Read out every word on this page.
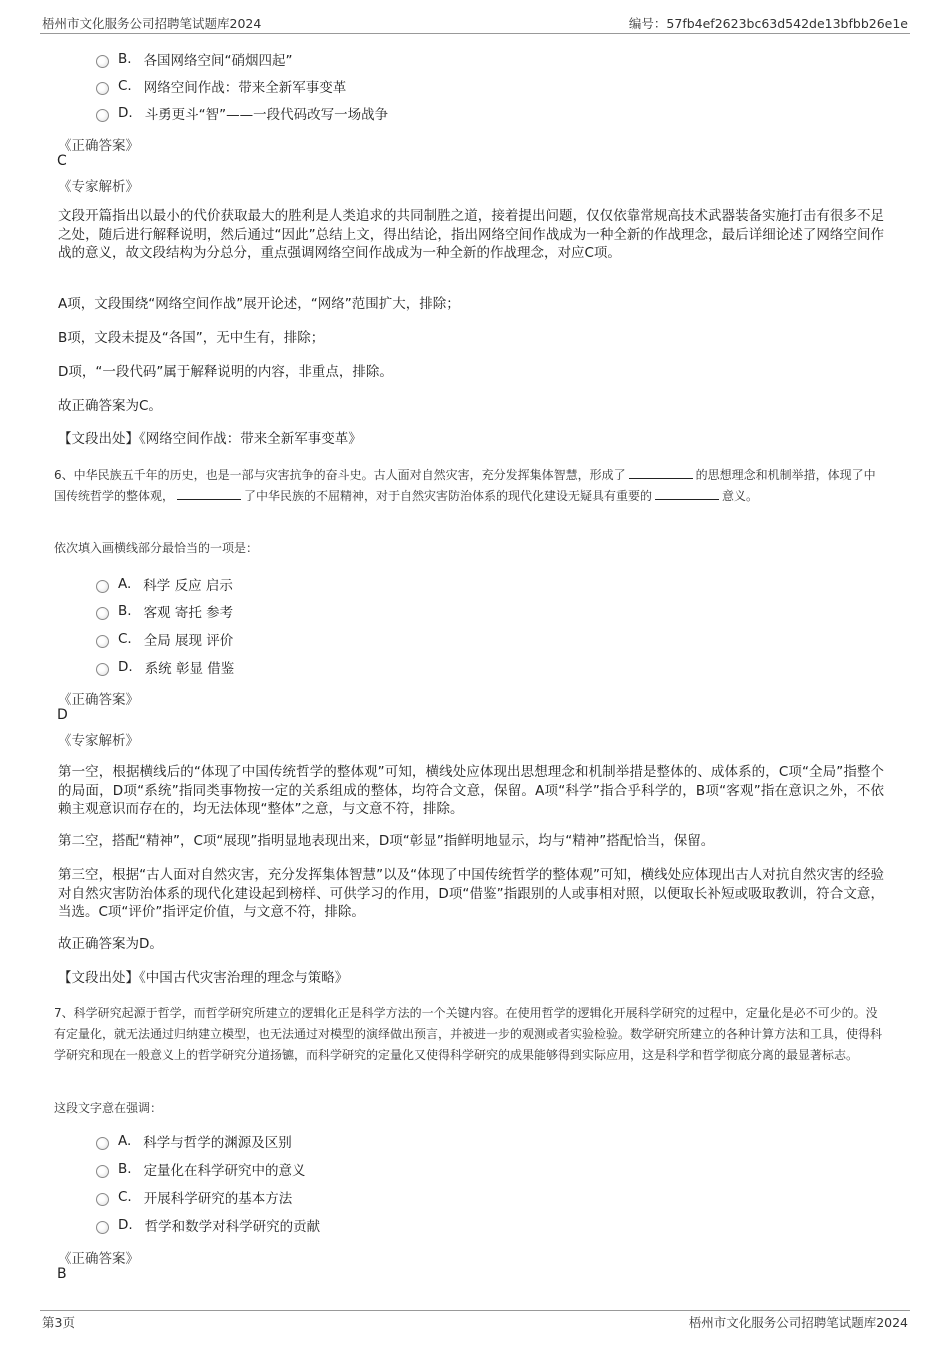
梧州市文化服务公司招聘笔试题库2024	编号：57fb4ef2623bc63d542de13bfbb26e1e
B. 各国网络空间“硝烟四起”
C. 网络空间作战：带来全新军事变革
D. 斗勇更斗“智”——一段代码改写一场战争
《正确答案》
C
《专家解析》
文段开篇指出以最小的代价获取最大的胜利是人类追求的共同制胜之道，接着提出问题，仅仅依靠常规高技术武器装备实施打击有很多不足之处，随后进行解释说明，然后通过“因此”总结上文，得出结论，指出网络空间作战成为一种全新的作战理念，最后详细论述了网络空间作战的意义，故文段结构为分总分，重点强调网络空间作战成为一种全新的作战理念，对应C项。
A项，文段围绕“网络空间作战”展开论述，“网络”范围扩大，排除；
B项，文段未提及“各国”，无中生有，排除；
D项，“一段代码”属于解释说明的内容，非重点，排除。
故正确答案为C。
【文段出处】《网络空间作战：带来全新军事变革》
6、中华民族五千年的历史，也是一部与灾害抗争的奋斗史。古人面对自然灾害，充分发挥集体智慧，形成了	的思想理念和机制举措，体现了中国传统哲学的整体观，	了中华民族的不屈精神，对于自然灾害防治体系的现代化建设无疑具有重要的	意义。
依次填入画横线部分最恰当的一项是：
A. 科学 反应 启示
B. 客观 寄托 参考
C. 全局 展现 评价
D. 系统 彰显 借鉴
《正确答案》
D
《专家解析》
第一空，根据横线后的“体现了中国传统哲学的整体观”可知，横线处应体现出思想理念和机制举措是整体的、成体系的，C项“全局”指整个的局面，D项“系统”指同类事物按一定的关系组成的整体，均符合文意，保留。A项“科学”指合乎科学的，B项“客观”指在意识之外，不依赖主观意识而存在的，均无法体现“整体”之意，与文意不符，排除。
第二空，搭配“精神”，C项“展现”指明显地表现出来，D项“彰显”指鲜明地显示，均与“精神”搭配恰当，保留。
第三空，根据“古人面对自然灾害，充分发挥集体智慧”以及“体现了中国传统哲学的整体观”可知，横线处应体现出古人对抗自然灾害的经验对自然灾害防治体系的现代化建设起到榜样、可供学习的作用，D项“借鉴”指跟别的人或事相对照，以便取长补短或吸取教训，符合文意，当选。C项“评价”指评定价值，与文意不符，排除。
故正确答案为D。
【文段出处】《中国古代灾害治理的理念与策略》
7、科学研究起源于哲学，而哲学研究所建立的逻辑化正是科学方法的一个关键内容。在使用哲学的逻辑化开展科学研究的过程中，定量化是必不可少的。没有定量化，就无法通过归纳建立模型，也无法通过对模型的演绎做出预言，并被进一步的观测或者实验检验。数学研究所建立的各种计算方法和工具，使得科学研究和现在一般意义上的哲学研究分道扬镳，而科学研究的定量化又使得科学研究的成果能够得到实际应用，这是科学和哲学彻底分离的最显著标志。
这段文字意在强调：
A. 科学与哲学的渊源及区别
B. 定量化在科学研究中的意义
C. 开展科学研究的基本方法
D. 哲学和数学对科学研究的贡献
《正确答案》
B
第3页	梧州市文化服务公司招聘笔试题库2024
